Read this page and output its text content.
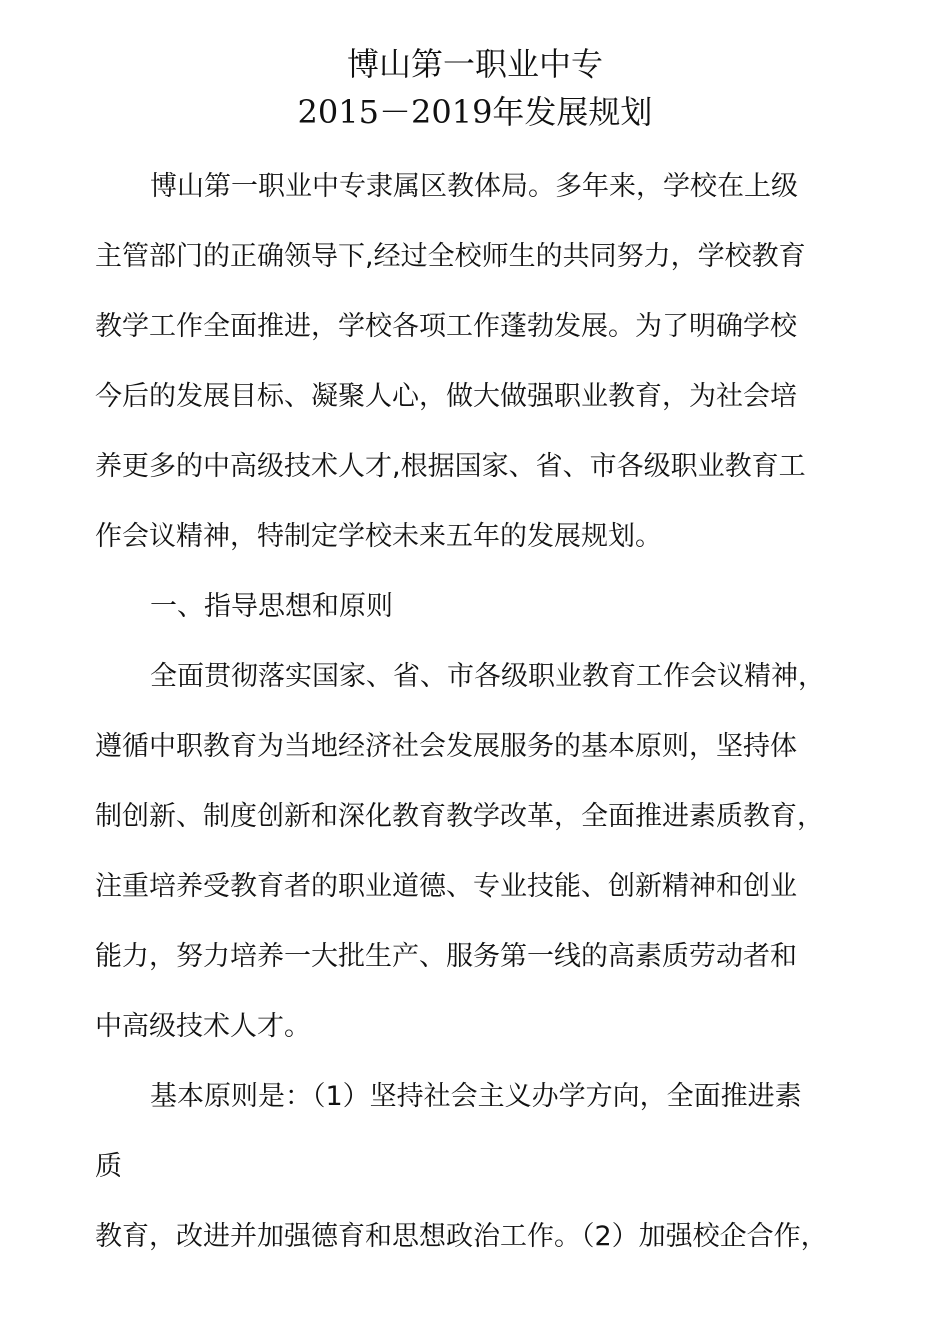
博山第一职业中专
2015－2019年发展规划
博山第一职业中专隶属区教体局。多年来，学校在上级
主管部门的正确领导下,经过全校师生的共同努力，学校教育
教学工作全面推进，学校各项工作蓬勃发展。为了明确学校
今后的发展目标、凝聚人心，做大做强职业教育，为社会培
养更多的中高级技术人才,根据国家、省、市各级职业教育工
作会议精神，特制定学校未来五年的发展规划。
一、指导思想和原则
全面贯彻落实国家、省、市各级职业教育工作会议精神，
遵循中职教育为当地经济社会发展服务的基本原则，坚持体
制创新、制度创新和深化教育教学改革，全面推进素质教育，
注重培养受教育者的职业道德、专业技能、创新精神和创业
能力，努力培养一大批生产、服务第一线的高素质劳动者和
中高级技术人才。
基本原则是：（1）坚持社会主义办学方向，全面推进素
质
教育，改进并加强德育和思想政治工作。（2）加强校企合作，
